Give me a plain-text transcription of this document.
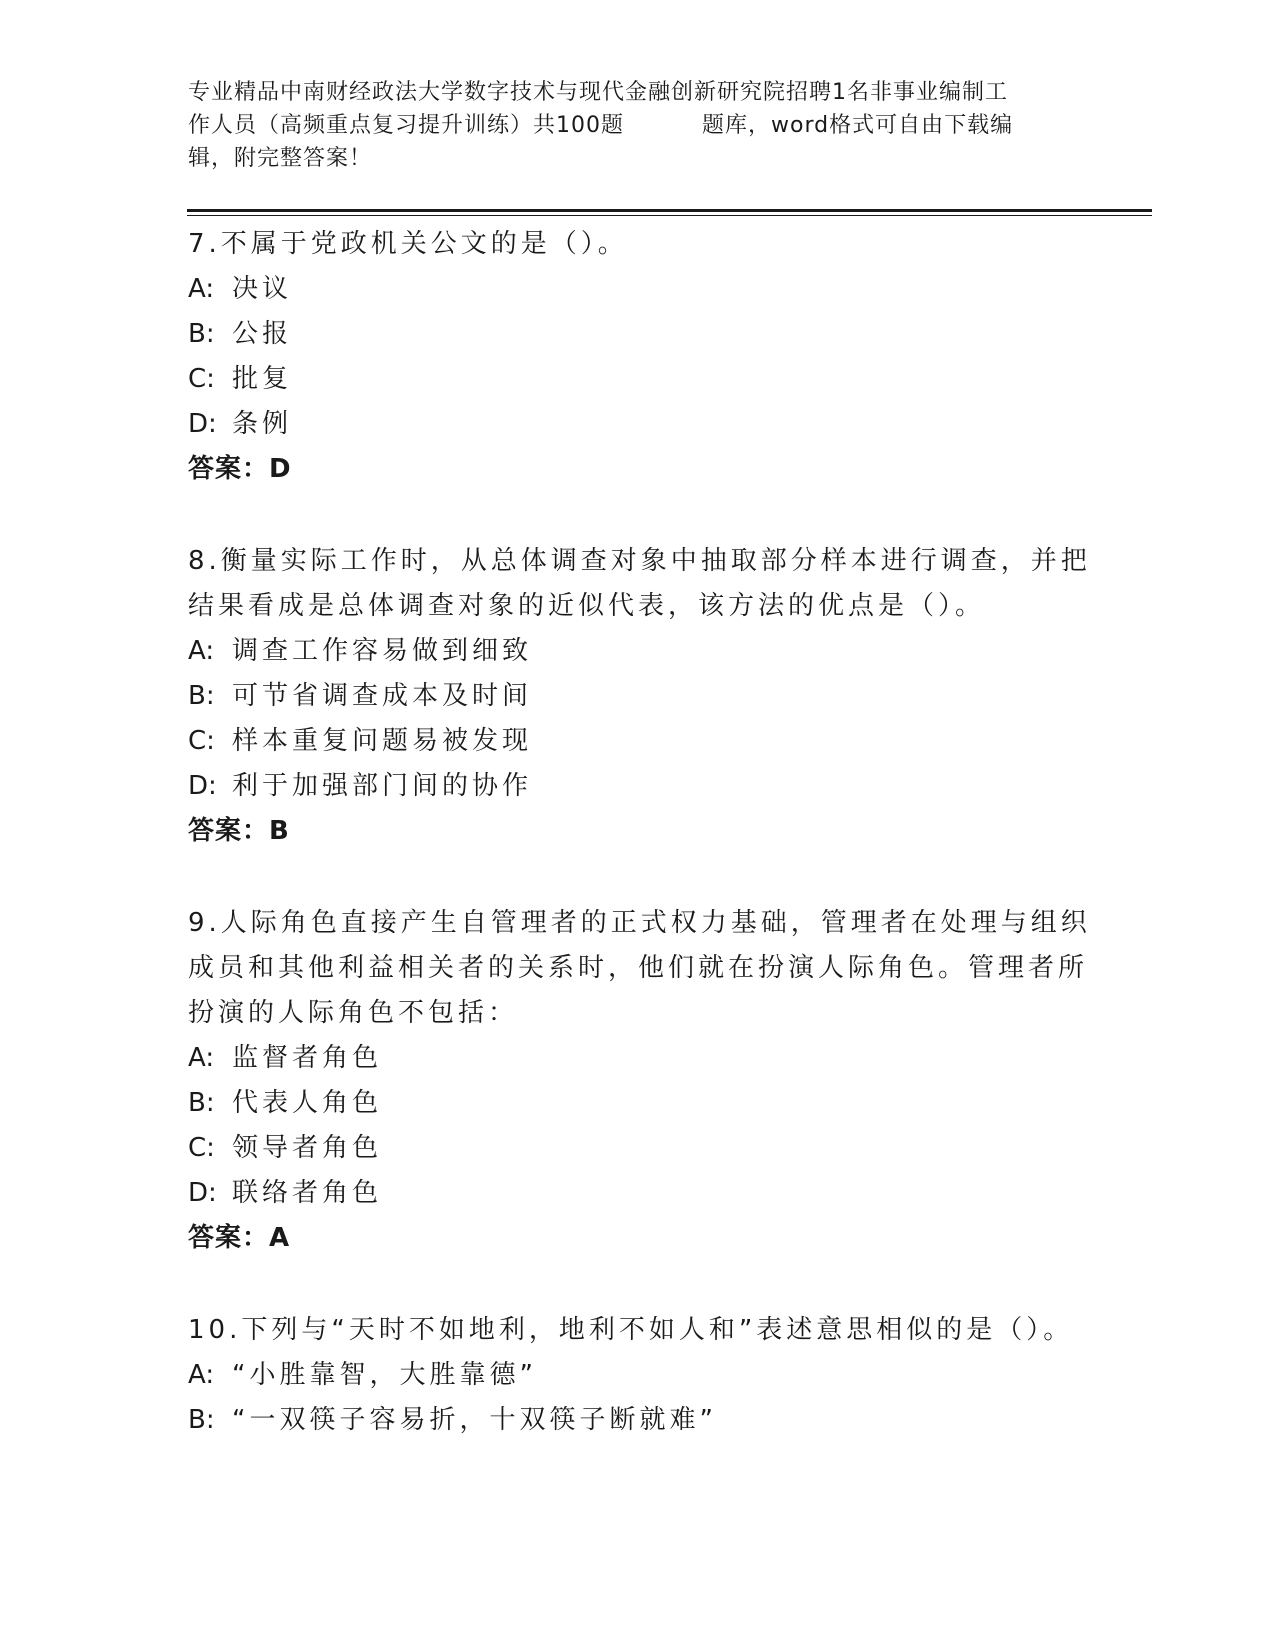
专业精品中南财经政法大学数字技术与现代金融创新研究院招聘1名非事业编制工
作人员（高频重点复习提升训练）共100题	题库，word格式可自由下载编
辑，附完整答案！
7.不属于党政机关公文的是（）。
A: 决议
B: 公报
C: 批复
D: 条例
答案：D
8.衡量实际工作时，从总体调查对象中抽取部分样本进行调查，并把
结果看成是总体调查对象的近似代表，该方法的优点是（）。
A: 调查工作容易做到细致
B: 可节省调查成本及时间
C: 样本重复问题易被发现
D: 利于加强部门间的协作
答案：B
9.人际角色直接产生自管理者的正式权力基础，管理者在处理与组织
成员和其他利益相关者的关系时，他们就在扮演人际角色。管理者所
扮演的人际角色不包括：
A: 监督者角色
B: 代表人角色
C: 领导者角色
D: 联络者角色
答案：A
10.下列与“天时不如地利，地利不如人和”表述意思相似的是（）。
A: “小胜靠智，大胜靠德”
B: “一双筷子容易折，十双筷子断就难”
